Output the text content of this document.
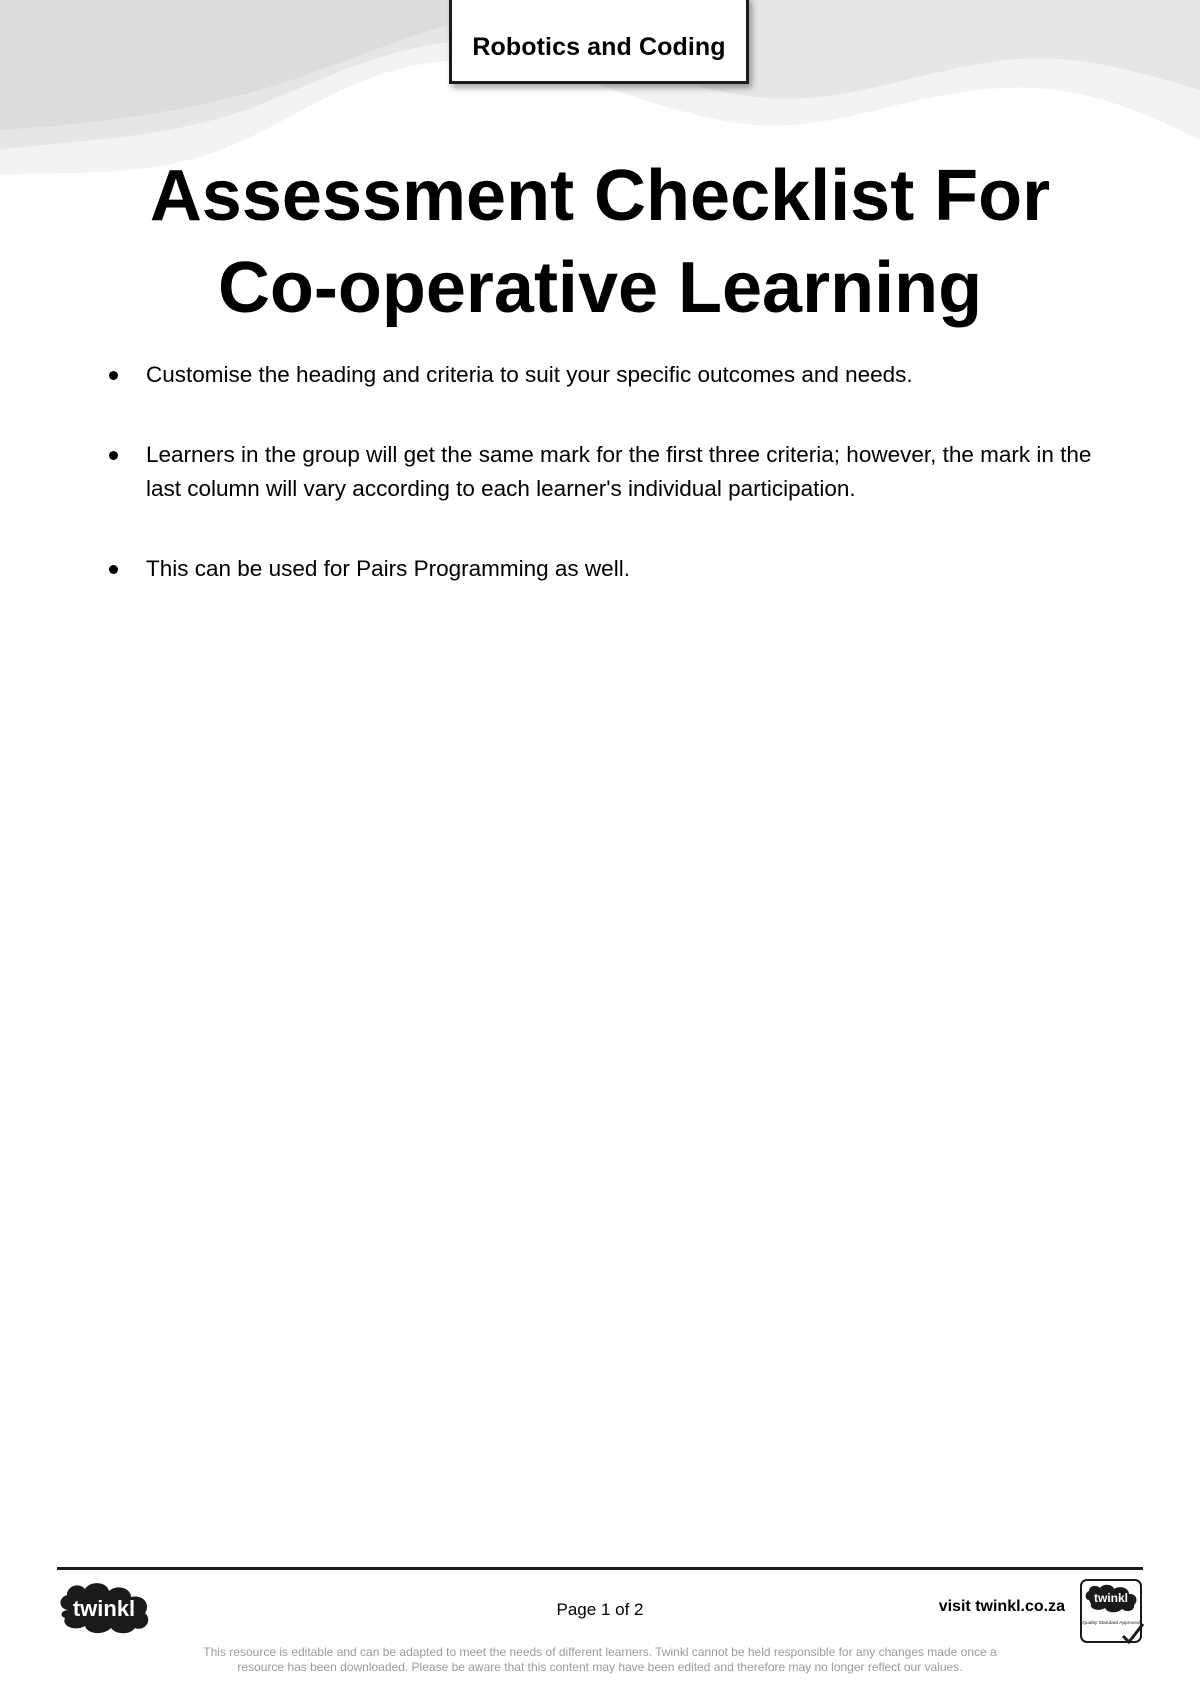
Robotics and Coding
Assessment Checklist For
Co-operative Learning
Customise the heading and criteria to suit your specific outcomes and needs.
Learners in the group will get the same mark for the first three criteria; however, the mark in the last column will vary according to each learner's individual participation.
This can be used for Pairs Programming as well.
twinkl	Page 1 of 2	visit twinkl.co.za twinkl
Quality Standard Approved
This resource is editable and can be adapted to meet the needs of different learners. Twinkl cannot be held responsible for any changes made once a resource has been downloaded. Please be aware that this content may have been edited and therefore may no longer reflect our values.
